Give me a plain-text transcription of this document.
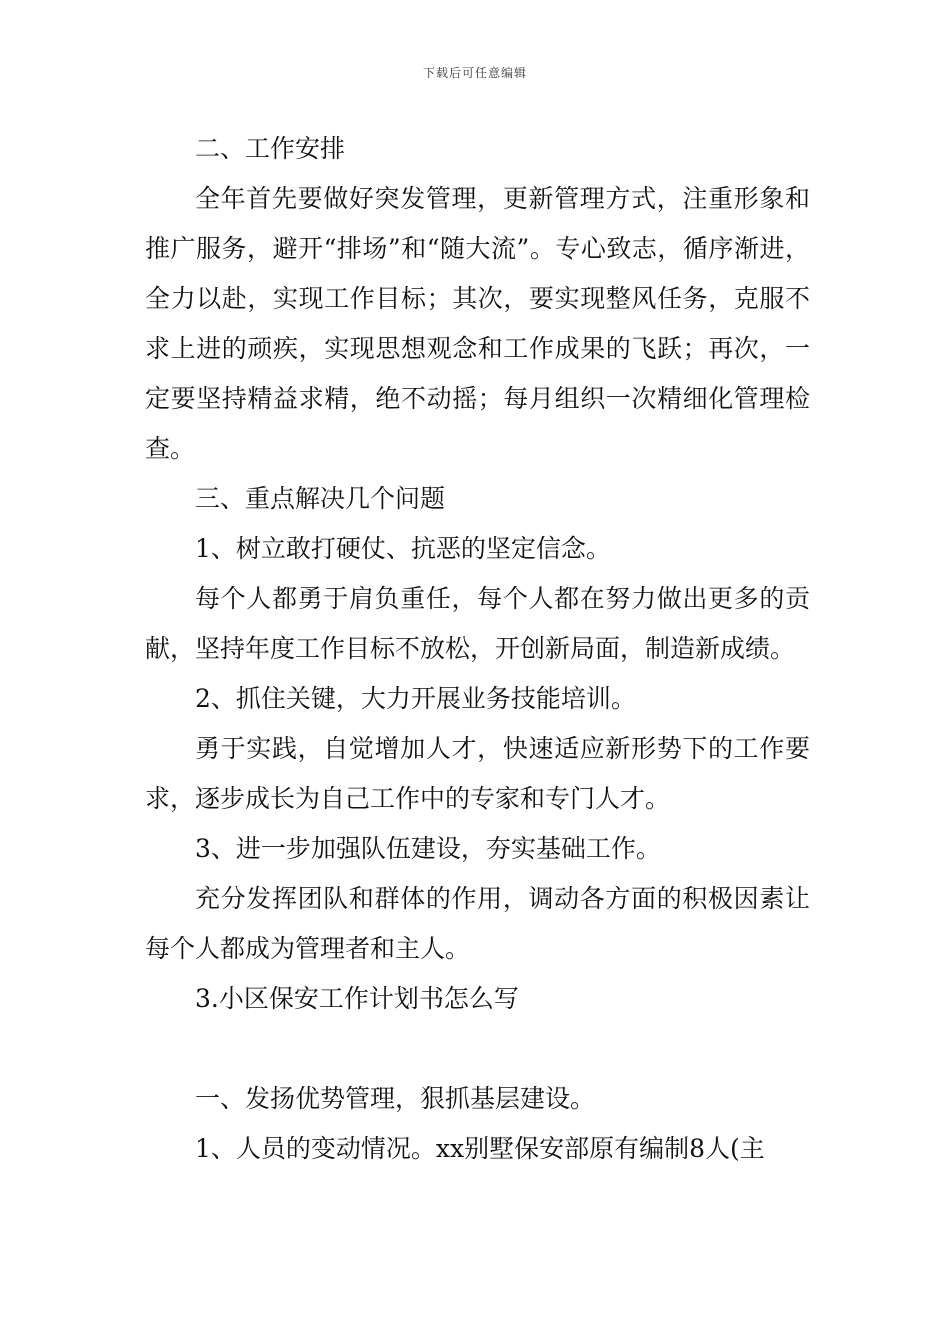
下载后可任意编辑

二、工作安排

全年首先要做好突发管理，更新管理方式，注重形象和推广服务，避开“排场”和“随大流”。专心致志，循序渐进，全力以赴，实现工作目标；其次，要实现整风任务，克服不求上进的顽疾，实现思想观念和工作成果的飞跃；再次，一定要坚持精益求精，绝不动摇；每月组织一次精细化管理检查。

三、重点解决几个问题

1、树立敢打硬仗、抗恶的坚定信念。

每个人都勇于肩负重任，每个人都在努力做出更多的贡献，坚持年度工作目标不放松，开创新局面，制造新成绩。

2、抓住关键，大力开展业务技能培训。

勇于实践，自觉增加人才，快速适应新形势下的工作要求，逐步成长为自己工作中的专家和专门人才。

3、进一步加强队伍建设，夯实基础工作。

充分发挥团队和群体的作用，调动各方面的积极因素让每个人都成为管理者和主人。

3.小区保安工作计划书怎么写

一、发扬优势管理，狠抓基层建设。

1、人员的变动情况。xx别墅保安部原有编制8人(主
